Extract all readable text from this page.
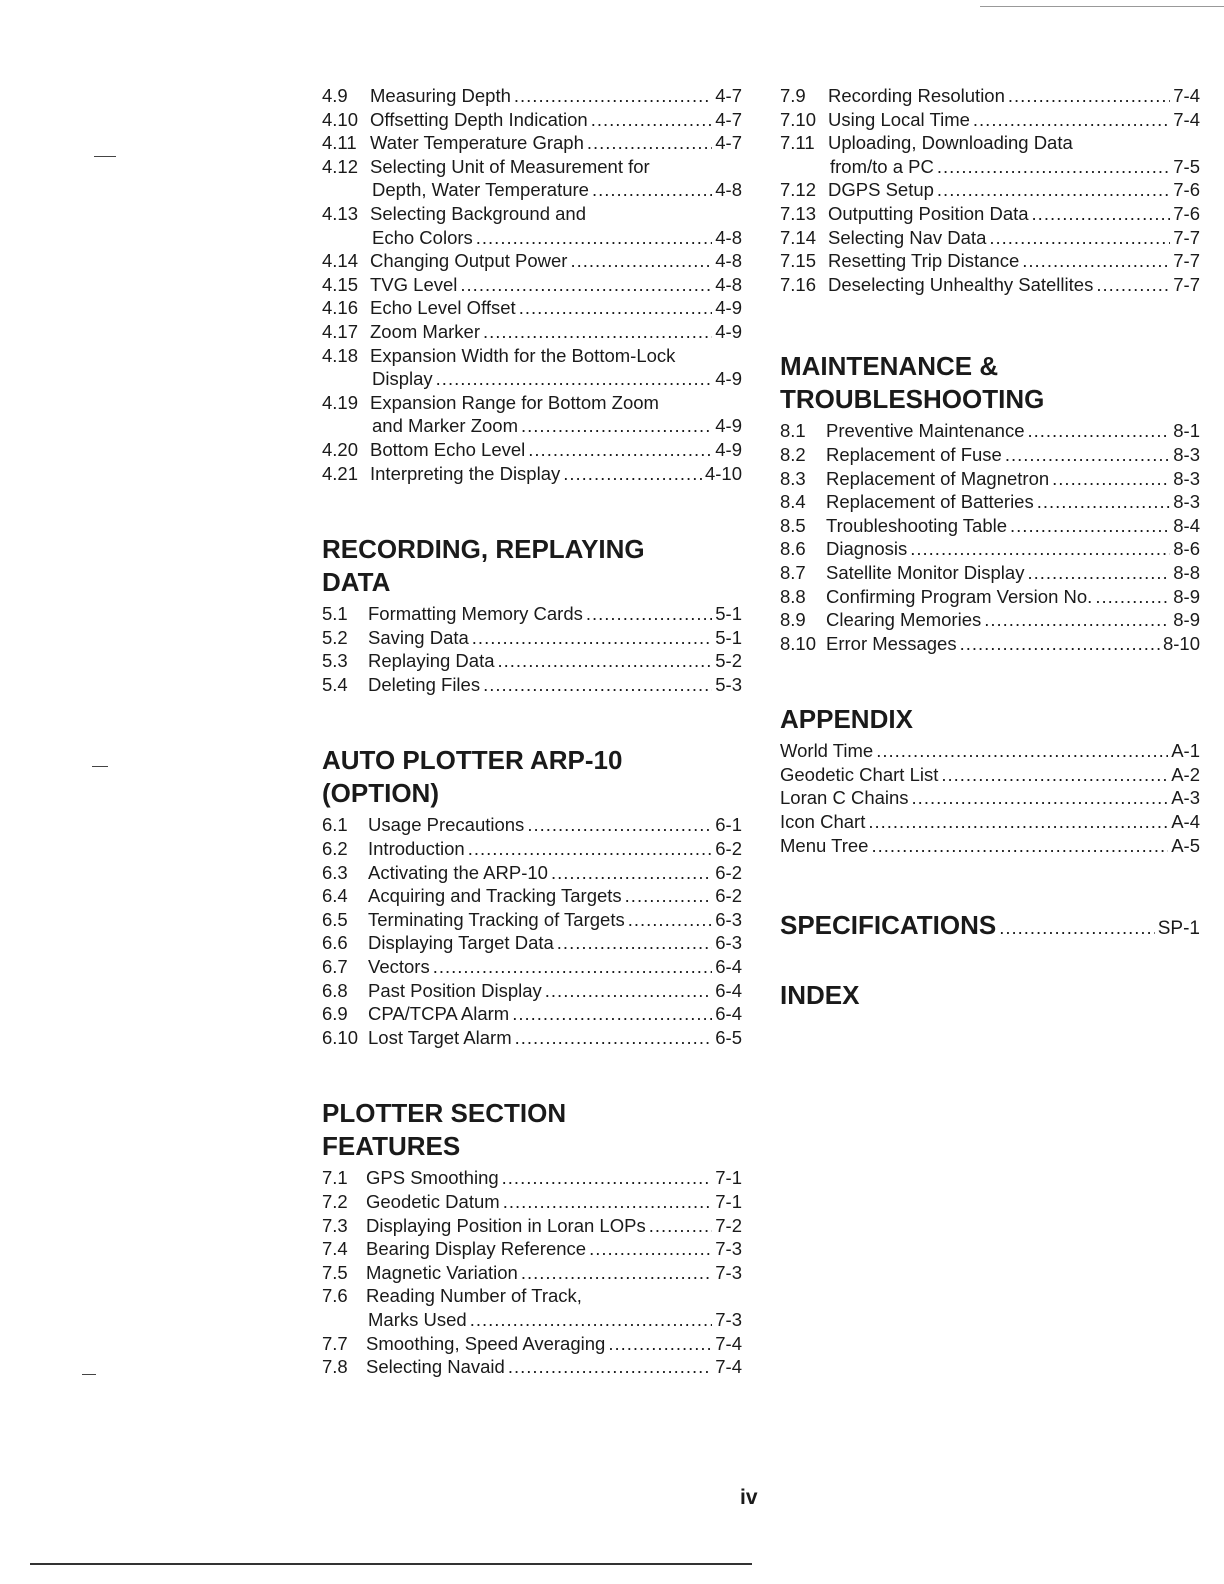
4.9	Measuring Depth .....	4-7
4.10 Offsetting Depth Indication .....	4-7
4.11 Water Temperature Graph .....	4-7
4.12 Selecting Unit of Measurement for
Depth, Water Temperature .....	4-8
4.13 Selecting Background and
Echo Colors .....	4-8
4.14 Changing Output Power .....	4-8
4.15 TVG Level .....	4-8
4.16 Echo Level Offset .....	4-9
4.17 Zoom Marker .....	4-9
4.18 Expansion Width for the Bottom-Lock
Display .....	4-9
4.19 Expansion Range for Bottom Zoom
and Marker Zoom .....	4-9
4.20 Bottom Echo Level .....	4-9
4.21 Interpreting the Display .....	4-10
RECORDING, REPLAYING
DATA
5.1	Formatting Memory Cards .....	5-1
5.2	Saving Data .....	5-1
5.3	Replaying Data .....	5-2
5.4	Deleting Files .....	5-3
AUTO PLOTTER ARP-10
(OPTION)
6.1	Usage Precautions .....	6-1
6.2	Introduction .....	6-2
6.3	Activating the ARP-10 .....	6-2
6.4	Acquiring and Tracking Targets .....	6-2
6.5	Terminating Tracking of Targets .....	6-3
6.6	Displaying Target Data .....	6-3
6.7	Vectors .....	6-4
6.8	Past Position Display .....	6-4
6.9	CPA/TCPA Alarm .....	6-4
6.10 Lost Target Alarm .....	6-5
PLOTTER SECTION
FEATURES
7.1 GPS Smoothing .....	7-1
7.2 Geodetic Datum .....	7-1
7.3 Displaying Position in Loran LOPs .....	7-2
7.4 Bearing Display Reference .....	7-3
7.5 Magnetic Variation .....	7-3
7.6 Reading Number of Track,
Marks Used .....	7-3
7.7 Smoothing, Speed Averaging .....	7-4
7.8 Selecting Navaid .....	7-4
7.9	Recording Resolution .....	7-4
7.10 Using Local Time .....	7-4
7.11 Uploading, Downloading Data
from/to a PC .....	7-5
7.12 DGPS Setup .....	7-6
7.13 Outputting Position Data .....	7-6
7.14 Selecting Nav Data .....	7-7
7.15 Resetting Trip Distance .....	7-7
7.16 Deselecting Unhealthy Satellites .....	7-7
MAINTENANCE &
TROUBLESHOOTING
8.1	Preventive Maintenance .....	8-1
8.2	Replacement of Fuse .....	8-3
8.3	Replacement of Magnetron .....	8-3
8.4	Replacement of Batteries .....	8-3
8.5	Troubleshooting Table .....	8-4
8.6	Diagnosis .....	8-6
8.7	Satellite Monitor Display .....	8-8
8.8	Confirming Program Version No. .....	8-9
8.9	Clearing Memories .....	8-9
8.10 Error Messages .....	8-10
APPENDIX
World Time .....	A-1
Geodetic Chart List .....	A-2
Loran C Chains .....	A-3
Icon Chart .....	A-4
Menu Tree .....	A-5
SPECIFICATIONS .....	SP-1
INDEX
iv
